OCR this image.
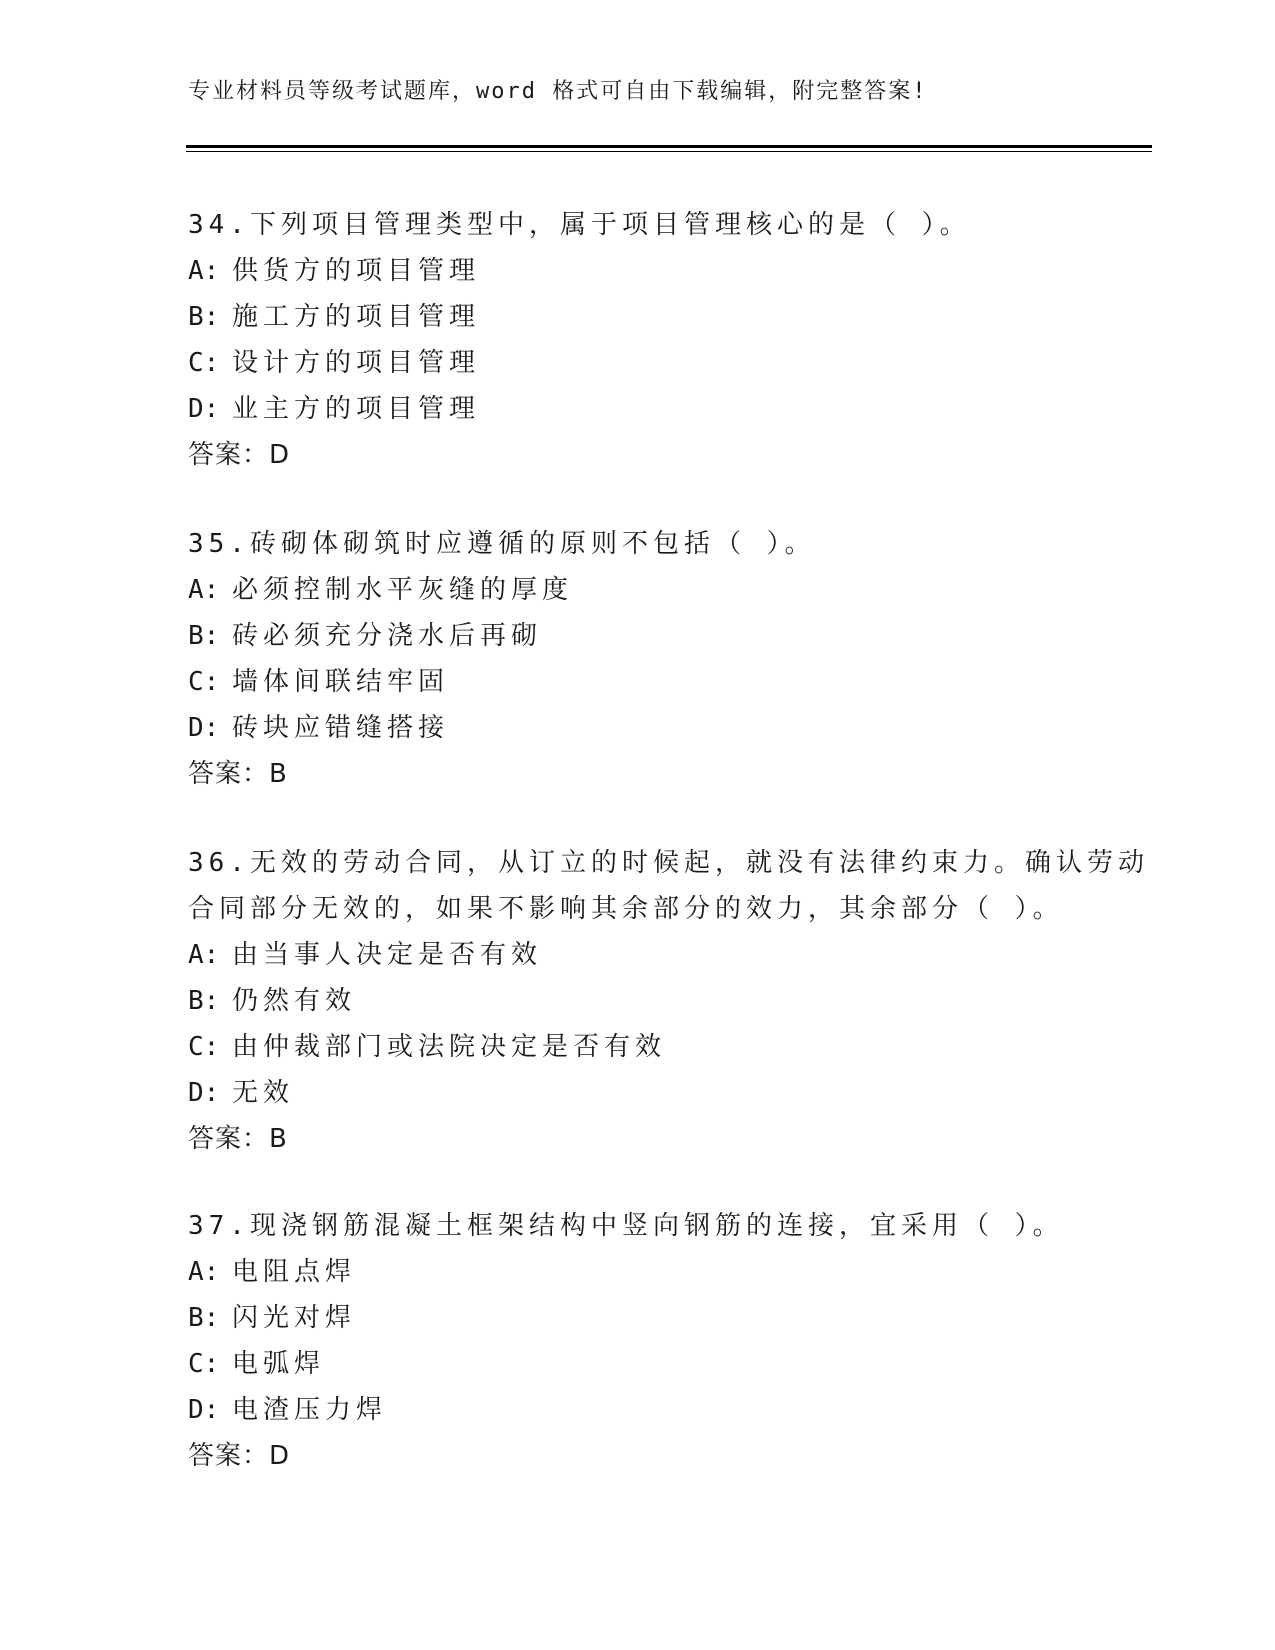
专业材料员等级考试题库，word 格式可自由下载编辑，附完整答案!
34.下列项目管理类型中，属于项目管理核心的是（ ）。
A: 供货方的项目管理
B: 施工方的项目管理
C: 设计方的项目管理
D: 业主方的项目管理
答案：D
35.砖砌体砌筑时应遵循的原则不包括（ ）。
A: 必须控制水平灰缝的厚度
B: 砖必须充分浇水后再砌
C: 墙体间联结牢固
D: 砖块应错缝搭接
答案：B
36.无效的劳动合同，从订立的时候起，就没有法律约束力。确认劳动
合同部分无效的，如果不影响其余部分的效力，其余部分（ ）。
A: 由当事人决定是否有效
B: 仍然有效
C: 由仲裁部门或法院决定是否有效
D: 无效
答案：B
37.现浇钢筋混凝土框架结构中竖向钢筋的连接，宜采用（ ）。
A: 电阻点焊
B: 闪光对焊
C: 电弧焊
D: 电渣压力焊
答案：D
